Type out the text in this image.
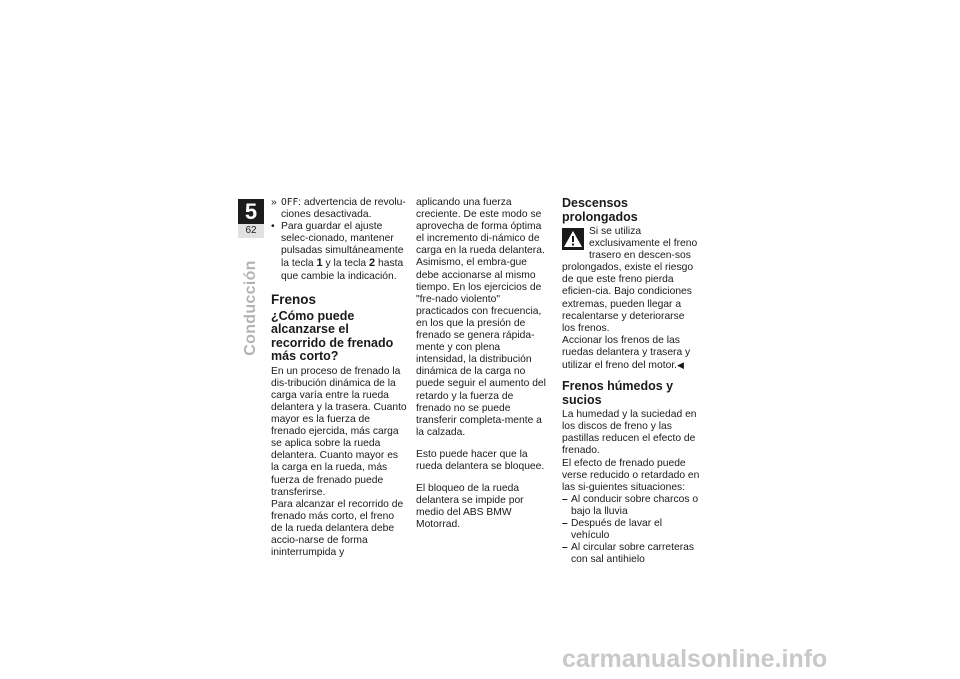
5
62
Conducción
» OFF: advertencia de revolu-ciones desactivada.
• Para guardar el ajuste selec-cionado, mantener pulsadas simultáneamente la tecla 1 y la tecla 2 hasta que cambie la indicación.
Frenos
¿Cómo puede alcanzarse el recorrido de frenado más corto?

En un proceso de frenado la dis-tribución dinámica de la carga varía entre la rueda delantera y la trasera. Cuanto mayor es la fuerza de frenado ejercida, más carga se aplica sobre la rueda delantera. Cuanto mayor es la carga en la rueda, más fuerza de frenado puede transferirse.

Para alcanzar el recorrido de frenado más corto, el freno de la rueda delantera debe accio-narse de forma ininterrumpida y

aplicando una fuerza creciente. De este modo se aprovecha de forma óptima el incremento di-námico de carga en la rueda delantera. Asimismo, el embra-gue debe accionarse al mismo tiempo. En los ejercicios de "fre-nado violento" practicados con frecuencia, en los que la presión de frenado se genera rápida-mente y con plena intensidad, la distribución dinámica de la carga no puede seguir el aumento del retardo y la fuerza de frenado no se puede transferir completa-mente a la calzada.

Esto puede hacer que la rueda delantera se bloquee.

El bloqueo de la rueda delantera se impide por medio del ABS BMW Motorrad.

Descensos prolongados
Si se utiliza exclusivamente el freno trasero en descen-sos prolongados, existe el riesgo de que este freno pierda eficien-cia. Bajo condiciones extremas, pueden llegar a recalentarse y deteriorarse los frenos.

Accionar los frenos de las ruedas delantera y trasera y utilizar el freno del motor.◀

Frenos húmedos y sucios

La humedad y la suciedad en los discos de freno y las pastillas reducen el efecto de frenado.

El efecto de frenado puede verse reducido o retardado en las si-guientes situaciones:

– Al conducir sobre charcos o bajo la lluvia
– Después de lavar el vehículo
– Al circular sobre carreteras con sal antihielo
carmanualsonline.info
